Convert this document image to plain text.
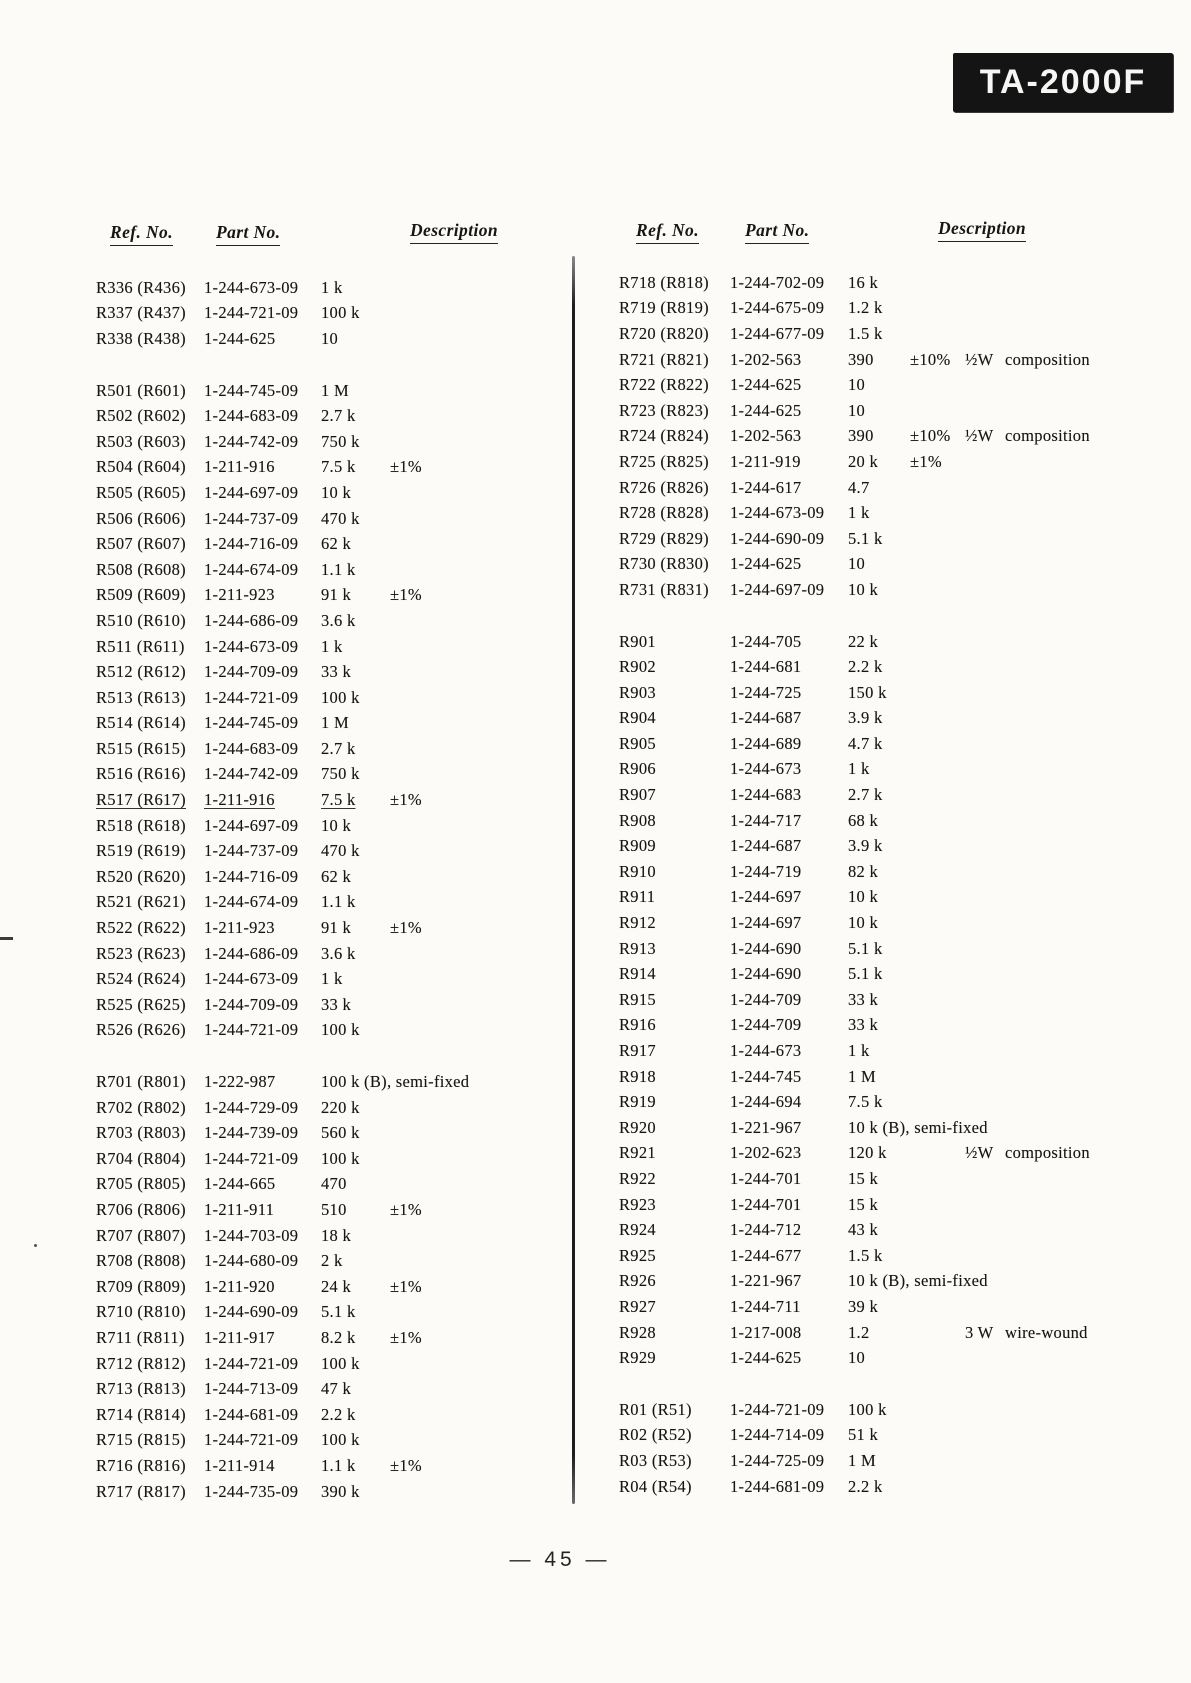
TA-2000F
Ref. No. Part No.	Description	Ref. No.	Part No.	Description
R336 (R436)	1-244-673-09	1 k
R337 (R437)	1-244-721-09	100 k
R338 (R438)	1-244-625	10
R501 (R601)	1-244-745-09	1 M
R502 (R602)	1-244-683-09	2.7 k
R503 (R603)	1-244-742-09	750 k
R504 (R604)	1-211-916	7.5 k	±1%
R505 (R605)	1-244-697-09	10 k
R506 (R606)	1-244-737-09	470 k
R507 (R607)	1-244-716-09	62 k
R508 (R608)	1-244-674-09	1.1 k
R509 (R609)	1-211-923	91 k	±1%
R510 (R610)	1-244-686-09	3.6 k
R511 (R611)	1-244-673-09	1 k
R512 (R612)	1-244-709-09	33 k
R513 (R613)	1-244-721-09	100 k
R514 (R614)	1-244-745-09	1 M
R515 (R615)	1-244-683-09	2.7 k
R516 (R616)	1-244-742-09	750 k
R517 (R617)	1-211-916	7.5 k	±1%
R518 (R618)	1-244-697-09	10 k
R519 (R619)	1-244-737-09	470 k
R520 (R620)	1-244-716-09	62 k
R521 (R621)	1-244-674-09	1.1 k
R522 (R622)	1-211-923	91 k	±1%
R523 (R623)	1-244-686-09	3.6 k
R524 (R624)	1-244-673-09	1 k
R525 (R625)	1-244-709-09	33 k
R526 (R626)	1-244-721-09	100 k
R701 (R801)	1-222-987	100 k (B), semi-fixed
R702 (R802)	1-244-729-09	220 k
R703 (R803)	1-244-739-09	560 k
R704 (R804)	1-244-721-09	100 k
R705 (R805)	1-244-665	470
R706 (R806)	1-211-911	510	±1%
R707 (R807)	1-244-703-09	18 k
R708 (R808)	1-244-680-09	2 k
R709 (R809)	1-211-920	24 k	±1%
R710 (R810)	1-244-690-09	5.1 k
R711 (R811)	1-211-917	8.2 k	±1%
R712 (R812)	1-244-721-09	100 k
R713 (R813)	1-244-713-09	47 k
R714 (R814)	1-244-681-09	2.2 k
R715 (R815)	1-244-721-09	100 k
R716 (R816)	1-211-914	1.1 k	±1%
R717 (R817)	1-244-735-09	390 k
R718 (R818)	1-244-702-09	16 k
R719 (R819)	1-244-675-09	1.2 k
R720 (R820)	1-244-677-09	1.5 k
R721 (R821)	1-202-563	390	±10% ½W composition
R722 (R822)	1-244-625	10
R723 (R823)	1-244-625	10
R724 (R824)	1-202-563	390	±10% ½W composition
R725 (R825)	1-211-919	20 k	±1%
R726 (R826)	1-244-617	4.7
R728 (R828)	1-244-673-09	1 k
R729 (R829)	1-244-690-09	5.1 k
R730 (R830)	1-244-625	10
R731 (R831)	1-244-697-09	10 k
R901	1-244-705	22 k
R902	1-244-681	2.2 k
R903	1-244-725	150 k
R904	1-244-687	3.9 k
R905	1-244-689	4.7 k
R906	1-244-673	1 k
R907	1-244-683	2.7 k
R908	1-244-717	68 k
R909	1-244-687	3.9 k
R910	1-244-719	82 k
R911	1-244-697	10 k
R912	1-244-697	10 k
R913	1-244-690	5.1 k
R914	1-244-690	5.1 k
R915	1-244-709	33 k
R916	1-244-709	33 k
R917	1-244-673	1 k
R918	1-244-745	1 M
R919	1-244-694	7.5 k
R920	1-221-967	10 k (B), semi-fixed
R921	1-202-623	120 k	½W composition
R922	1-244-701	15 k
R923	1-244-701	15 k
R924	1-244-712	43 k
R925	1-244-677	1.5 k
R926	1-221-967	10 k (B), semi-fixed
R927	1-244-711	39 k
R928	1-217-008	1.2	3 W wire-wound
R929	1-244-625	10
R01 (R51)	1-244-721-09	100 k
R02 (R52)	1-244-714-09	51 k
R03 (R53)	1-244-725-09	1 M
R04 (R54)	1-244-681-09	2.2 k
— 45 —
